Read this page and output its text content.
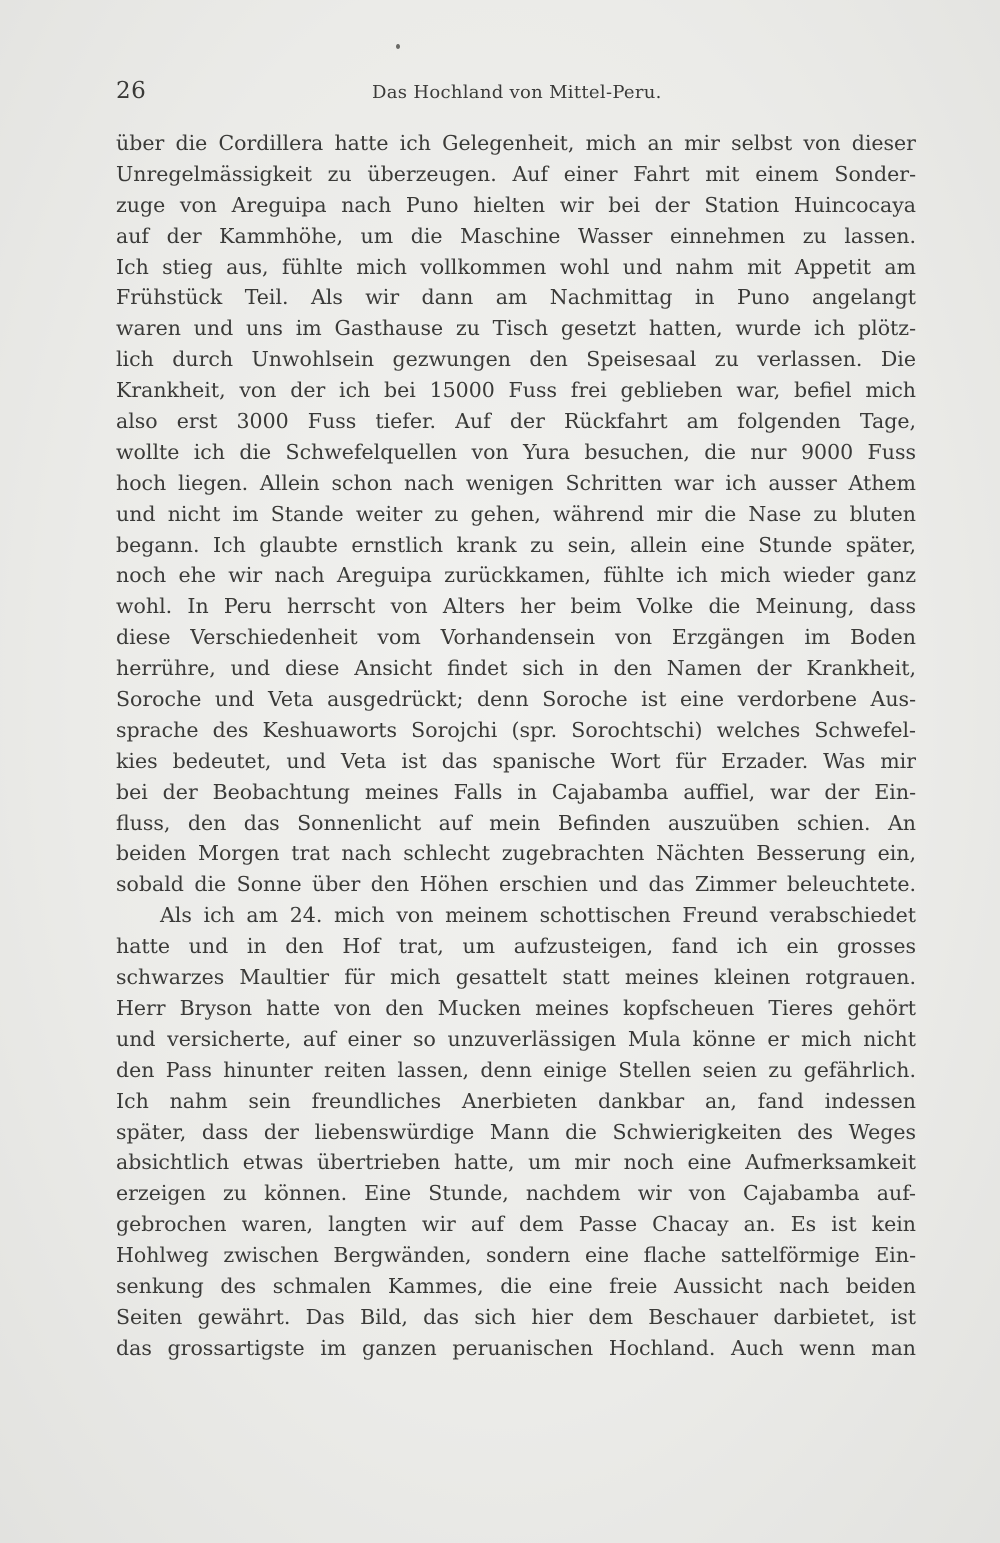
26	Das Hochland von Mittel-Peru.
über die Cordillera hatte ich Gelegenheit, mich an mir selbst von dieser
Unregelmässigkeit zu überzeugen. Auf einer Fahrt mit einem Sonder-
zuge von Areguipa nach Puno hielten wir bei der Station Huincocaya
auf der Kammhöhe, um die Maschine Wasser einnehmen zu lassen.
Ich stieg aus, fühlte mich vollkommen wohl und nahm mit Appetit am
Frühstück Teil. Als wir dann am Nachmittag in Puno angelangt
waren und uns im Gasthause zu Tisch gesetzt hatten, wurde ich plötz-
lich durch Unwohlsein gezwungen den Speisesaal zu verlassen. Die
Krankheit, von der ich bei 15000 Fuss frei geblieben war, befiel mich
also erst 3000 Fuss tiefer. Auf der Rückfahrt am folgenden Tage,
wollte ich die Schwefelquellen von Yura besuchen, die nur 9000 Fuss
hoch liegen. Allein schon nach wenigen Schritten war ich ausser Athem
und nicht im Stande weiter zu gehen, während mir die Nase zu bluten
begann. Ich glaubte ernstlich krank zu sein, allein eine Stunde später,
noch ehe wir nach Areguipa zurückkamen, fühlte ich mich wieder ganz
wohl. In Peru herrscht von Alters her beim Volke die Meinung, dass
diese Verschiedenheit vom Vorhandensein von Erzgängen im Boden
herrühre, und diese Ansicht findet sich in den Namen der Krankheit,
Soroche und Veta ausgedrückt; denn Soroche ist eine verdorbene Aus-
sprache des Keshuaworts Sorojchi (spr. Sorochtschi) welches Schwefel-
kies bedeutet, und Veta ist das spanische Wort für Erzader. Was mir
bei der Beobachtung meines Falls in Cajabamba auffiel, war der Ein-
fluss, den das Sonnenlicht auf mein Befinden auszuüben schien. An
beiden Morgen trat nach schlecht zugebrachten Nächten Besserung ein,
sobald die Sonne über den Höhen erschien und das Zimmer beleuchtete.
Als ich am 24. mich von meinem schottischen Freund verabschiedet
hatte und in den Hof trat, um aufzusteigen, fand ich ein grosses
schwarzes Maultier für mich gesattelt statt meines kleinen rotgrauen.
Herr Bryson hatte von den Mucken meines kopfscheuen Tieres gehört
und versicherte, auf einer so unzuverlässigen Mula könne er mich nicht
den Pass hinunter reiten lassen, denn einige Stellen seien zu gefährlich.
Ich nahm sein freundliches Anerbieten dankbar an, fand indessen
später, dass der liebenswürdige Mann die Schwierigkeiten des Weges
absichtlich etwas übertrieben hatte, um mir noch eine Aufmerksamkeit
erzeigen zu können. Eine Stunde, nachdem wir von Cajabamba auf-
gebrochen waren, langten wir auf dem Passe Chacay an. Es ist kein
Hohlweg zwischen Bergwänden, sondern eine flache sattelförmige Ein-
senkung des schmalen Kammes, die eine freie Aussicht nach beiden
Seiten gewährt. Das Bild, das sich hier dem Beschauer darbietet, ist
das grossartigste im ganzen peruanischen Hochland. Auch wenn man
